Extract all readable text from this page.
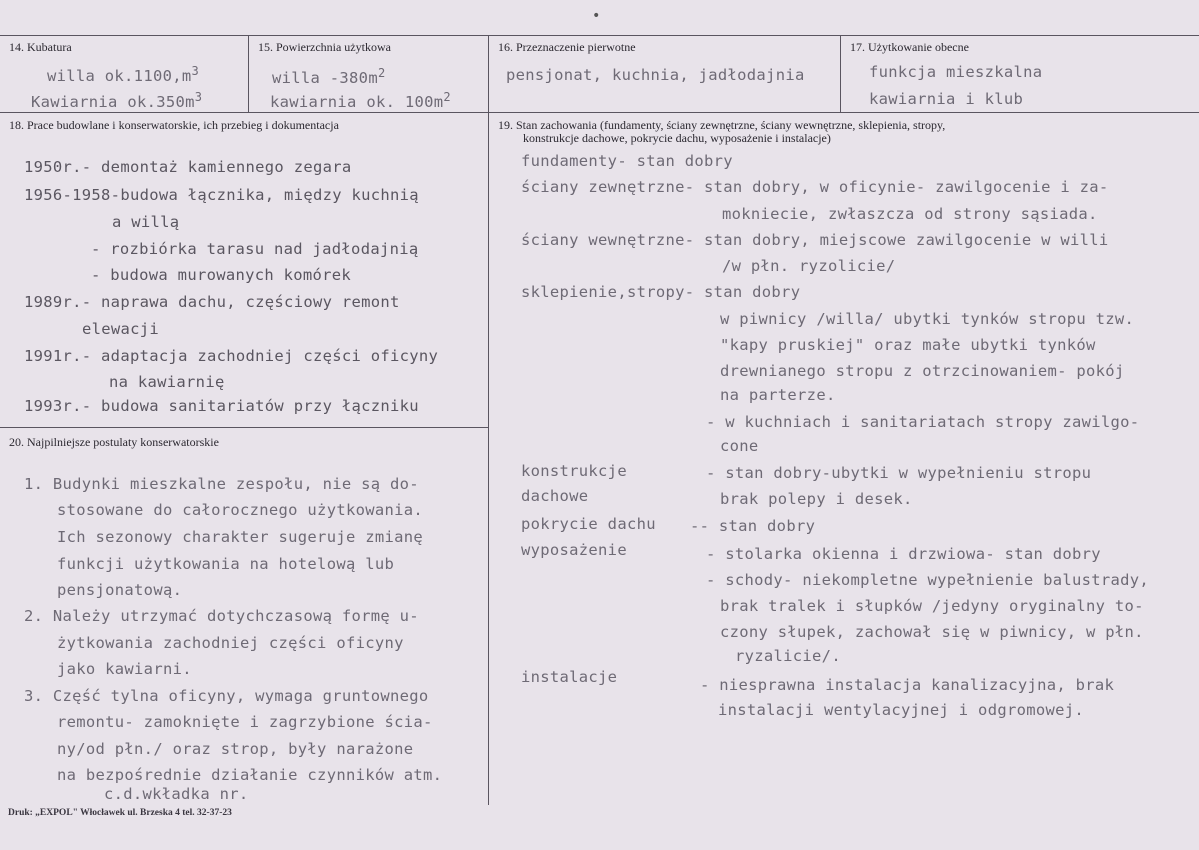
•
14. Kubatura
willa $ok.1100,m^3$
Kawiarnia $ok.350m^3$
15. Powierzchnia użytkowa
willa $-380m^2$
kawiarnia ok. $100m^2$
16. Przeznaczenie pierwotne
pensjonat, kuchnia, jadłodajnia
17. Użytkowanie obecne
funkcja mieszkalna
kawiarnia i klub
18. Prace budowlane i konserwatorskie, ich przebieg i dokumentacja
1950r.- demontaż kamiennego zegara
1956-1958-budowa łącznika, między kuchnią
a willą
- rozbiórka tarasu nad jadłodajnią
- budowa murowanych komórek
1989r.- naprawa dachu, częściowy remont
elewacji
1991r.- adaptacja zachodniej części oficyny
na kawiarnię
1993r.- budowa sanitariatów przy łączniku
20. Najpilniejsze postulaty konserwatorskie
1. Budynki mieszkalne zespołu, nie są do-
stosowane do całorocznego użytkowania.
Ich sezonowy charakter sugeruje zmianę
funkcji użytkowania na hotelową lub
pensjonatową.
2. Należy utrzymać dotychczasową formę u-
żytkowania zachodniej części oficyny
jako kawiarni.
3. Część tylna oficyny, wymaga gruntownego
remontu- zamoknięte i zagrzybione ścia-
ny/od płn./ oraz strop, były narażone
na bezpośrednie działanie czynników atm.
c.d.wkładka nr.
19. Stan zachowania (fundamenty, ściany zewnętrzne, ściany wewnętrzne, sklepienia, stropy,
konstrukcje dachowe, pokrycie dachu, wyposażenie i instalacje)
fundamenty- stan dobry
ściany zewnętrzne- stan dobry, w oficynie- zawilgocenie i za-
mokniecie, zwłaszcza od strony sąsiada.
ściany wewnętrzne- stan dobry, miejscowe zawilgocenie w willi
/w płn. ryzolicie/
sklepienie,stropy- stan dobry
w piwnicy /willa/ ubytki tynków stropu tzw.
"kapy pruskiej" oraz małe ubytki tynków
drewnianego stropu z otrzcinowaniem- pokój
na parterze.
- w kuchniach i sanitariatach stropy zawilgo-
cone
konstrukcje	- stan dobry-ubytki w wypełnieniu stropu
dachowe	brak polepy i desek.
pokrycie dachu -- stan dobry
wyposażenie	- stolarka okienna i drzwiowa- stan dobry
- schody- niekompletne wypełnienie balustrady,
brak tralek i słupków /jedyny oryginalny to-
czony słupek, zachował się w piwnicy, w płn.
ryzalicie/.
instalacje	- niesprawna instalacja kanalizacyjna, brak
instalacji wentylacyjnej i odgromowej.
Druk: „EXPOL" Włocławek ul. Brzeska 4 tel. 32-37-23
